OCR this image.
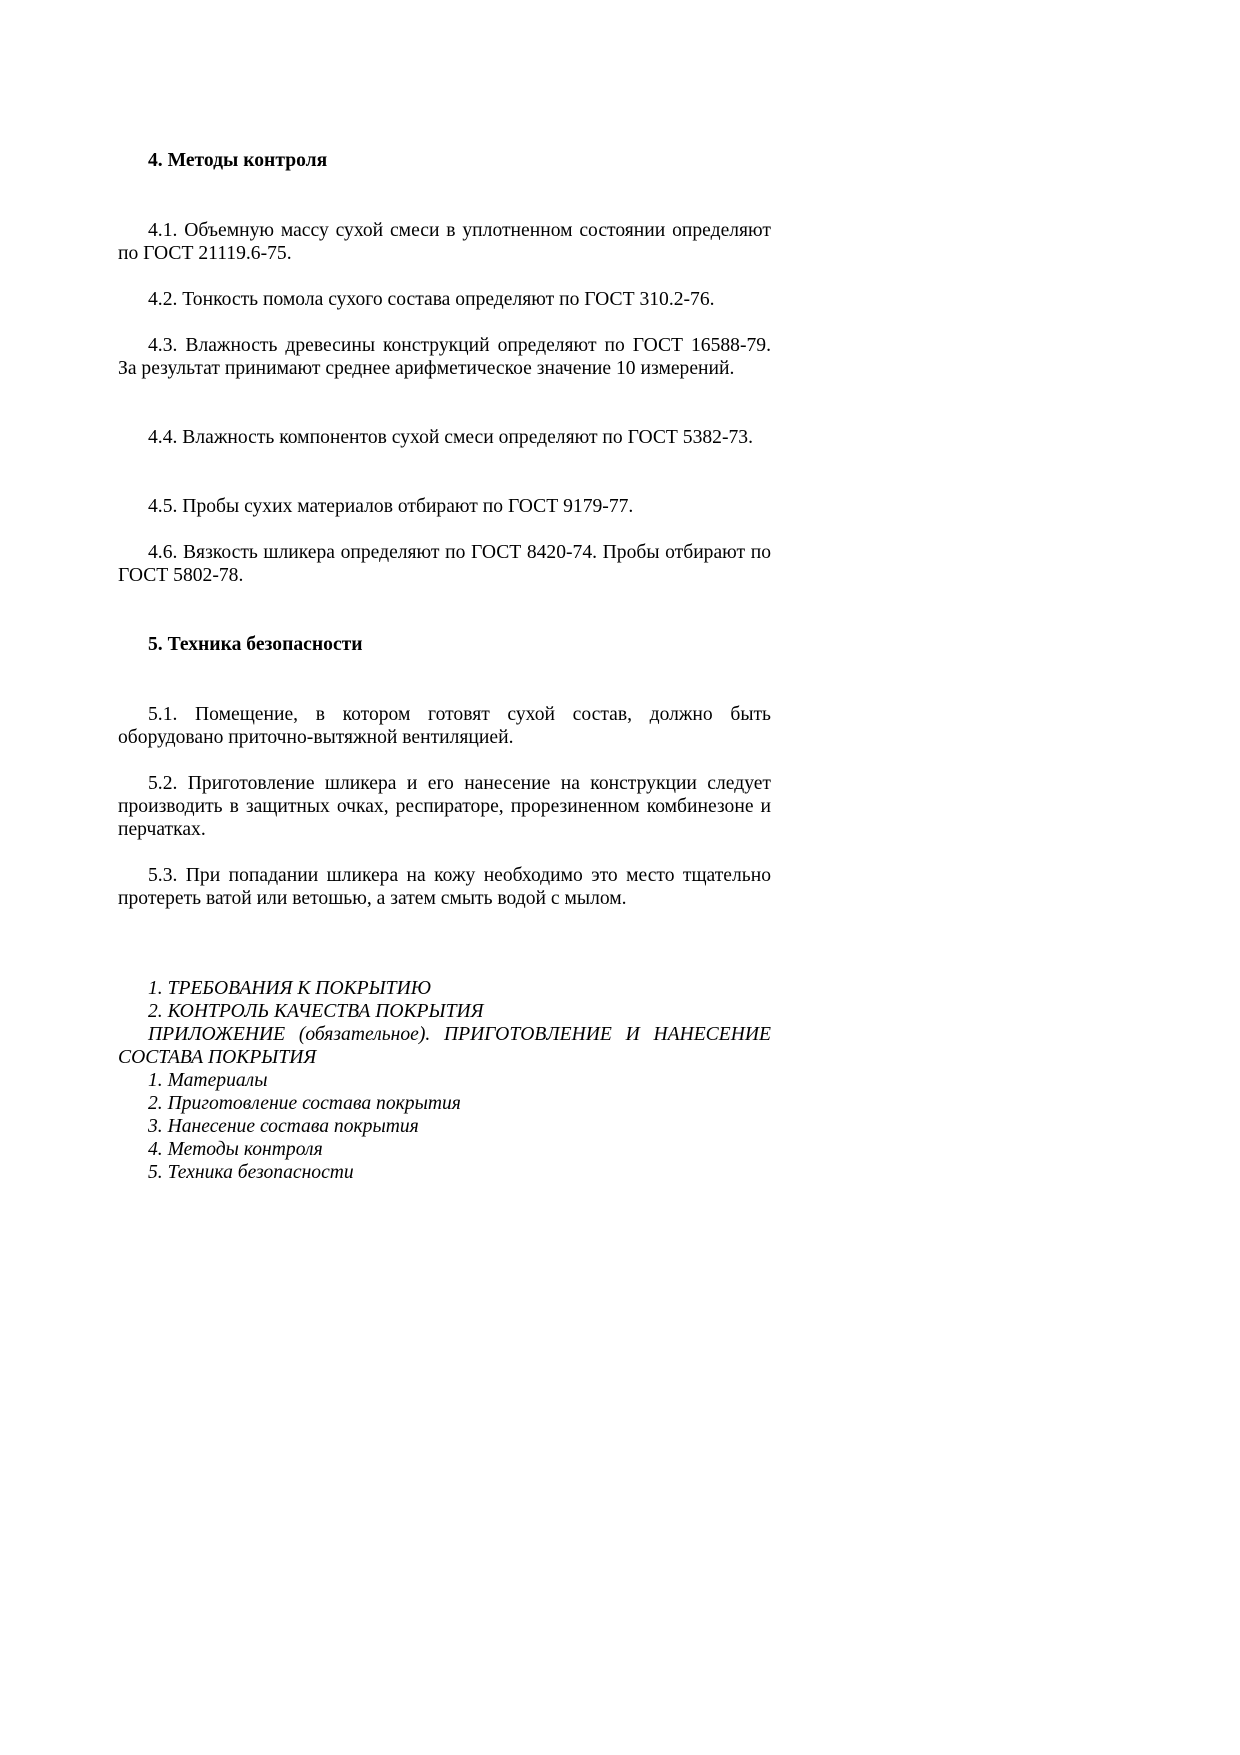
4. Методы контроля
4.1. Объемную массу сухой смеси в уплотненном состоянии определяют по ГОСТ 21119.6-75.
4.2. Тонкость помола сухого состава определяют по ГОСТ 310.2-76.
4.3. Влажность древесины конструкций определяют по ГОСТ 16588-79. За результат принимают среднее арифметическое значение 10 измерений.
4.4. Влажность компонентов сухой смеси определяют по ГОСТ 5382-73.
4.5. Пробы сухих материалов отбирают по ГОСТ 9179-77.
4.6. Вязкость шликера определяют по ГОСТ 8420-74. Пробы отбирают по ГОСТ 5802-78.
5. Техника безопасности
5.1. Помещение, в котором готовят сухой состав, должно быть оборудовано приточно-вытяжной вентиляцией.
5.2. Приготовление шликера и его нанесение на конструкции следует производить в защитных очках, респираторе, прорезиненном комбинезоне и перчатках.
5.3. При попадании шликера на кожу необходимо это место тщательно протереть ватой или ветошью, а затем смыть водой с мылом.
1. ТРЕБОВАНИЯ К ПОКРЫТИЮ
2. КОНТРОЛЬ КАЧЕСТВА ПОКРЫТИЯ
ПРИЛОЖЕНИЕ (обязательное). ПРИГОТОВЛЕНИЕ И НАНЕСЕНИЕ СОСТАВА ПОКРЫТИЯ
1. Материалы
2. Приготовление состава покрытия
3. Нанесение состава покрытия
4. Методы контроля
5. Техника безопасности
